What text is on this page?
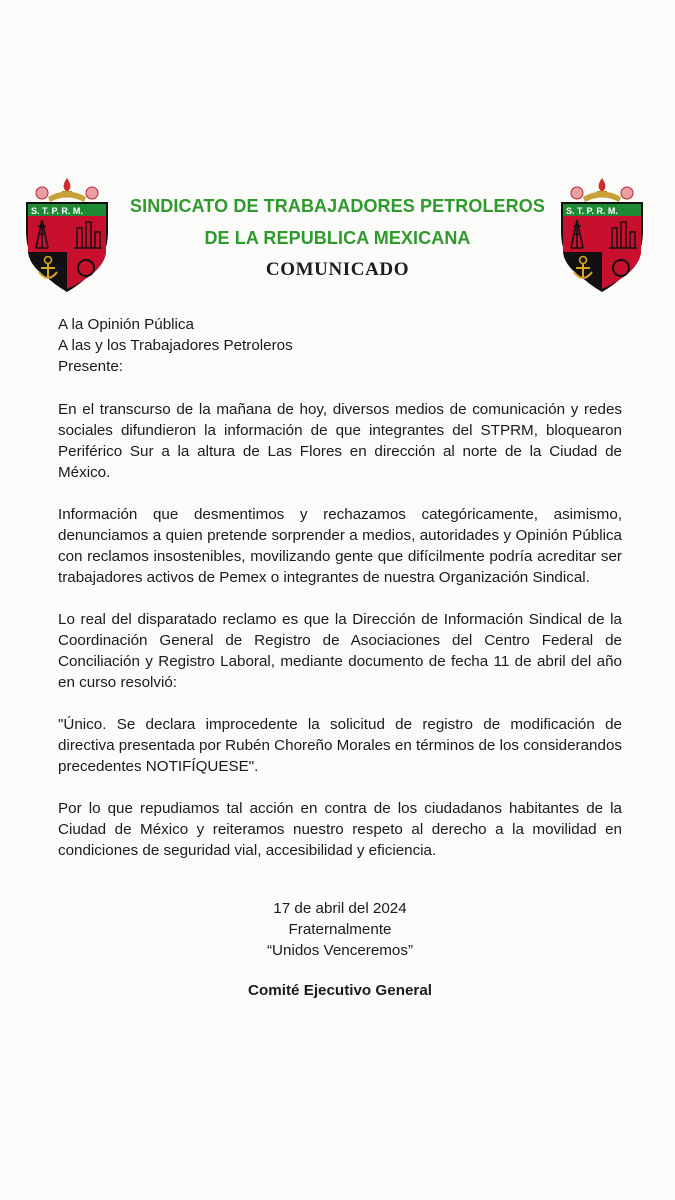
S. T. P. R. M.	S. T. P. R. M.
SINDICATO DE TRABAJADORES PETROLEROS
DE LA REPUBLICA MEXICANA
COMUNICADO

A la Opinión Pública

A las y los Trabajadores Petroleros

Presente:

En el transcurso de la mañana de hoy, diversos medios de comunicación y redes sociales difundieron la información de que integrantes del STPRM, bloquearon Periférico Sur a la altura de Las Flores en dirección al norte de la Ciudad de México.

Información que desmentimos y rechazamos categóricamente, asimismo, denunciamos a quien pretende sorprender a medios, autoridades y Opinión Pública con reclamos insostenibles, movilizando gente que difícilmente podría acreditar ser trabajadores activos de Pemex o integrantes de nuestra Organización Sindical.

Lo real del disparatado reclamo es que la Dirección de Información Sindical de la Coordinación General de Registro de Asociaciones del Centro Federal de Conciliación y Registro Laboral, mediante documento de fecha 11 de abril del año en curso resolvió:

"Único. Se declara improcedente la solicitud de registro de modificación de directiva presentada por Rubén Choreño Morales en términos de los considerandos precedentes NOTIFÍQUESE".

Por lo que repudiamos tal acción en contra de los ciudadanos habitantes de la Ciudad de México y reiteramos nuestro respeto al derecho a la movilidad en condiciones de seguridad vial, accesibilidad y eficiencia.

17 de abril del 2024

Fraternalmente

“Unidos Venceremos”

Comité Ejecutivo General
